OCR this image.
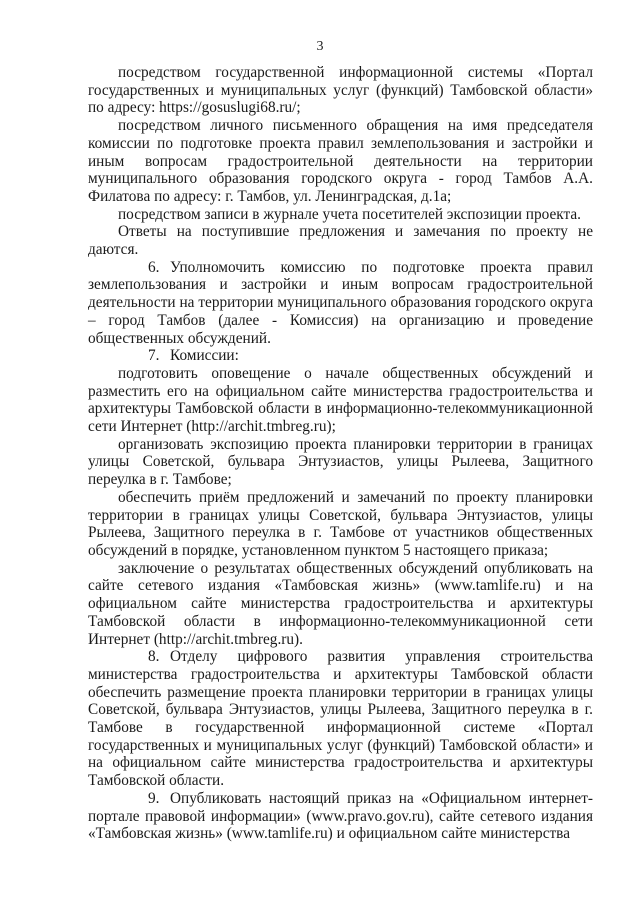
3

посредством государственной информационной системы «Портал государственных и муниципальных услуг (функций) Тамбовской области» по адресу: https://gosuslugi68.ru/;

посредством личного письменного обращения на имя председателя комиссии по подготовке проекта правил землепользования и застройки и иным вопросам градостроительной деятельности на территории муниципального образования городского округа - город Тамбов А.А. Филатова по адресу: г. Тамбов, ул. Ленинградская, д.1а;

посредством записи в журнале учета посетителей экспозиции проекта.

Ответы на поступившие предложения и замечания по проекту не даются.

6. Уполномочить комиссию по подготовке проекта правил землепользования и застройки и иным вопросам градостроительной деятельности на территории муниципального образования городского округа – город Тамбов (далее - Комиссия) на организацию и проведение общественных обсуждений.

7. Комиссии:

подготовить оповещение о начале общественных обсуждений и разместить его на официальном сайте министерства градостроительства и архитектуры Тамбовской области в информационно-телекоммуникационной сети Интернет (http://archit.tmbreg.ru);

организовать экспозицию проекта планировки территории в границах улицы Советской, бульвара Энтузиастов, улицы Рылеева, Защитного переулка в г. Тамбове;

обеспечить приём предложений и замечаний по проекту планировки территории в границах улицы Советской, бульвара Энтузиастов, улицы Рылеева, Защитного переулка в г. Тамбове от участников общественных обсуждений в порядке, установленном пунктом 5 настоящего приказа;

заключение о результатах общественных обсуждений опубликовать на сайте сетевого издания «Тамбовская жизнь» (www.tamlife.ru) и на официальном сайте министерства градостроительства и архитектуры Тамбовской области в информационно-телекоммуникационной сети Интернет (http://archit.tmbreg.ru).

8. Отделу цифрового развития управления строительства министерства градостроительства и архитектуры Тамбовской области обеспечить размещение проекта планировки территории в границах улицы Советской, бульвара Энтузиастов, улицы Рылеева, Защитного переулка в г. Тамбове в государственной информационной системе «Портал государственных и муниципальных услуг (функций) Тамбовской области» и на официальном сайте министерства градостроительства и архитектуры Тамбовской области.

9. Опубликовать настоящий приказ на «Официальном интернет-портале правовой информации» (www.pravo.gov.ru), сайте сетевого издания «Тамбовская жизнь» (www.tamlife.ru) и официальном сайте министерства
